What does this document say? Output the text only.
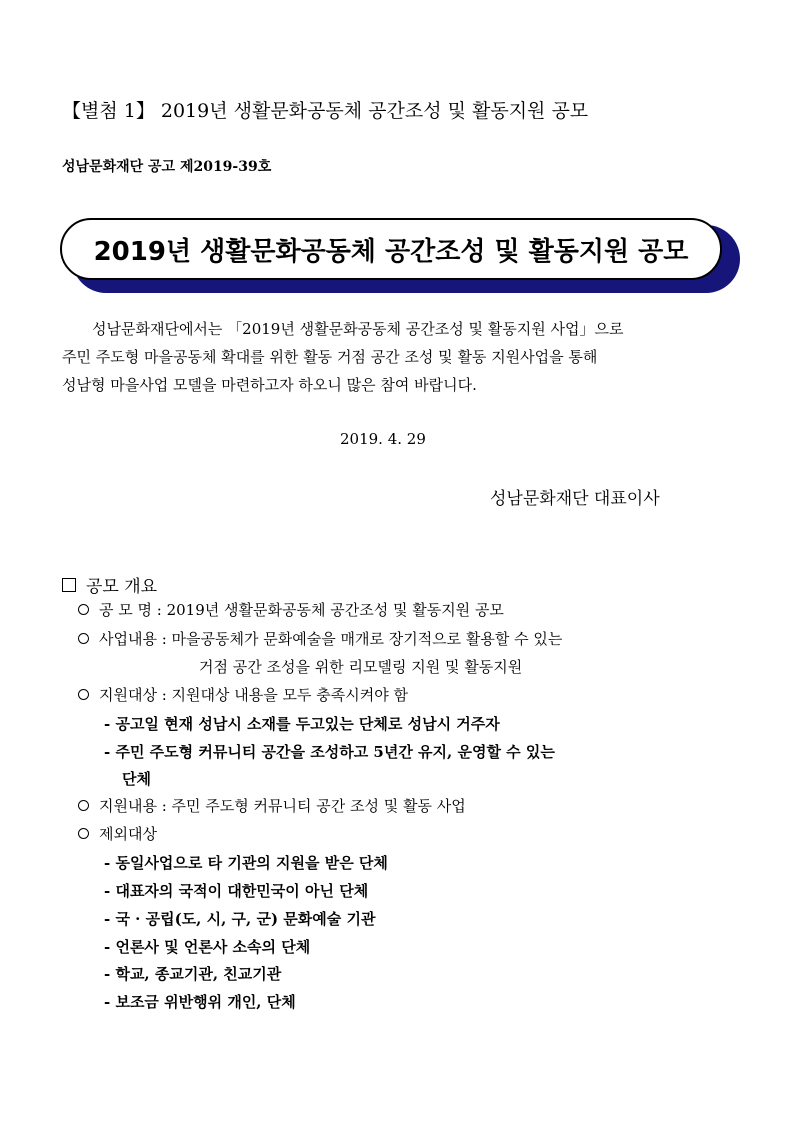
【별첨 1】 2019년 생활문화공동체 공간조성 및 활동지원 공모

성남문화재단 공고 제2019-39호

2019년 생활문화공동체 공간조성 및 활동지원 공모

성남문화재단에서는 「2019년 생활문화공동체 공간조성 및 활동지원 사업」으로

주민 주도형 마을공동체 확대를 위한 활동 거점 공간 조성 및 활동 지원사업을 통해

성남형 마을사업 모델을 마련하고자 하오니 많은 참여 바랍니다.

2019. 4. 29

성남문화재단 대표이사

공모 개요
공 모 명 : 2019년 생활문화공동체 공간조성 및 활동지원 공모
사업내용 : 마을공동체가 문화예술을 매개로 장기적으로 활용할 수 있는

거점 공간 조성을 위한 리모델링 지원 및 활동지원

지원대상 : 지원대상 내용을 모두 충족시켜야 함

- 공고일 현재 성남시 소재를 두고있는 단체로 성남시 거주자

- 주민 주도형 커뮤니티 공간을 조성하고 5년간 유지, 운영할 수 있는

단체

지원내용 : 주민 주도형 커뮤니티 공간 조성 및 활동 사업
제외대상

- 동일사업으로 타 기관의 지원을 받은 단체

- 대표자의 국적이 대한민국이 아닌 단체

- 국 · 공립(도, 시, 구, 군) 문화예술 기관

- 언론사 및 언론사 소속의 단체

- 학교, 종교기관, 친교기관

- 보조금 위반행위 개인, 단체
